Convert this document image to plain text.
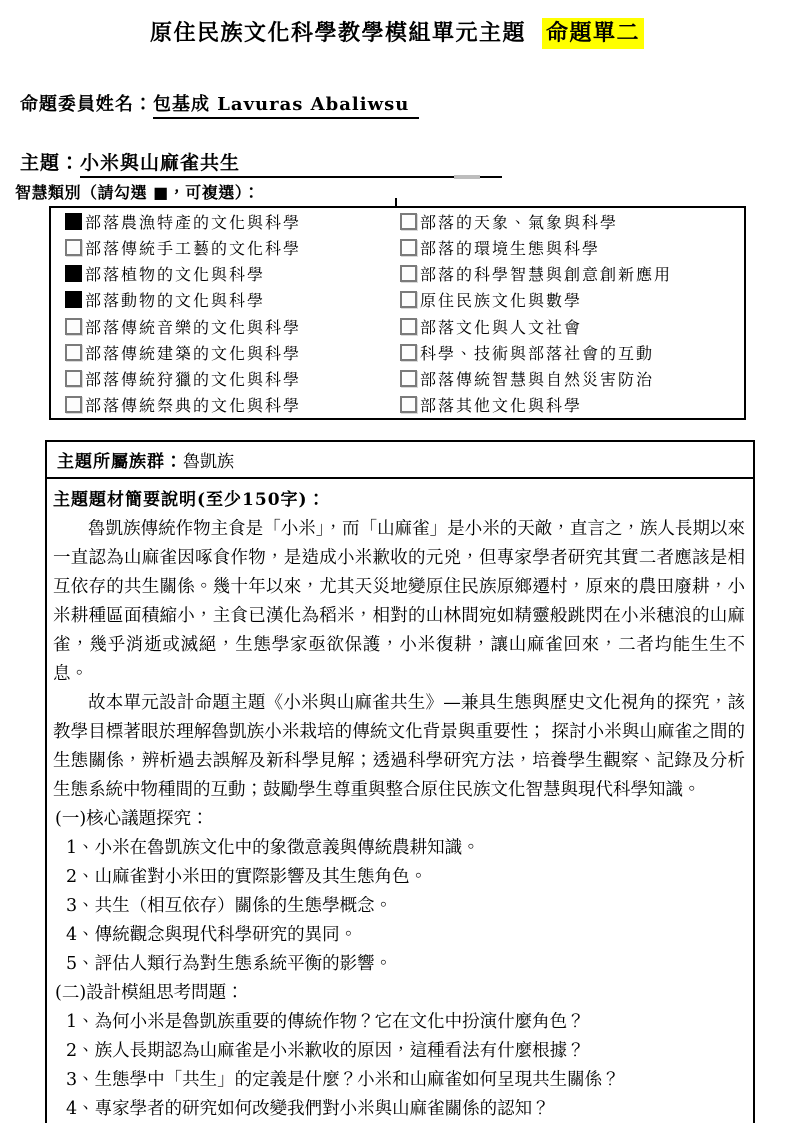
原住民族文化科學教學模組單元主題 命題單二
命題委員姓名：包基成 Lavuras Abaliwsu
主題：小米與山麻雀共生
智慧類別（請勾選 ■，可複選）：
部落農漁特產的文化與科學
部落傳統手工藝的文化科學
部落植物的文化與科學
部落動物的文化與科學
部落傳統音樂的文化與科學
部落傳統建築的文化與科學
部落傳統狩獵的文化與科學
部落傳統祭典的文化與科學
部落的天象、氣象與科學
部落的環境生態與科學
部落的科學智慧與創意創新應用
原住民族文化與數學
部落文化與人文社會
科學、技術與部落社會的互動
部落傳統智慧與自然災害防治
部落其他文化與科學
主題所屬族群： 魯凱族
主題題材簡要說明(至少150字)：
魯凱族傳統作物主食是「小米」，而「山麻雀」是小米的天敵，直言之，族人長期以來一直認為山麻雀因啄食作物，是造成小米歉收的元兇，但專家學者研究其實二者應該是相互依存的共生關係。幾十年以來，尤其天災地變原住民族原鄉遷村，原來的農田廢耕，小米耕種區面積縮小，主食已漢化為稻米，相對的山林間宛如精靈般跳閃在小米穗浪的山麻雀，幾乎消逝或滅絕，生態學家亟欲保護，小米復耕，讓山麻雀回來，二者均能生生不息。
故本單元設計命題主題《小米與山麻雀共生》—兼具生態與歷史文化視角的探究，該教學目標著眼於理解魯凱族小米栽培的傳統文化背景與重要性； 探討小米與山麻雀之間的生態關係，辨析過去誤解及新科學見解；透過科學研究方法，培養學生觀察、記錄及分析生態系統中物種間的互動；鼓勵學生尊重與整合原住民族文化智慧與現代科學知識。
(一)核心議題探究：
1、小米在魯凱族文化中的象徵意義與傳統農耕知識。
2、山麻雀對小米田的實際影響及其生態角色。
3、共生（相互依存）關係的生態學概念。
4、傳統觀念與現代科學研究的異同。
5、評估人類行為對生態系統平衡的影響。
(二)設計模組思考問題：
1、為何小米是魯凱族重要的傳統作物？它在文化中扮演什麼角色？
2、族人長期認為山麻雀是小米歉收的原因，這種看法有什麼根據？
3、生態學中「共生」的定義是什麼？小米和山麻雀如何呈現共生關係？
4、專家學者的研究如何改變我們對小米與山麻雀關係的認知？
